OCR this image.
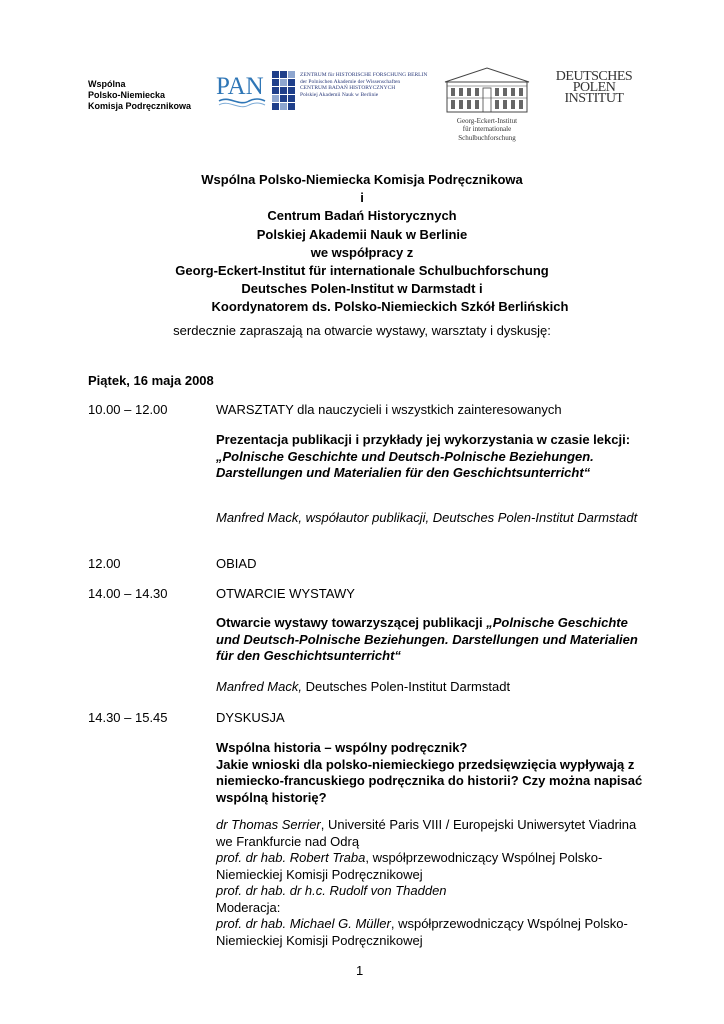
Wspólna
Polsko-Niemiecka
Komisja Podręcznikowa
PAN	ZENTRUM für HISTORISCHE FORSCHUNG BERLIN
der Polnischen Akademie der Wissenschaften
CENTRUM BADAŃ HISTORYCZNYCH
Polskiej Akademii Nauk w Berlinie
Georg-Eckert-Institut
für internationale
Schulbuchforschung
DEUTSCHES
POLEN
INSTITUT
Wspólna Polsko-Niemiecka Komisja Podręcznikowa
i
Centrum Badań Historycznych
Polskiej Akademii Nauk w Berlinie
we współpracy z
Georg-Eckert-Institut für internationale Schulbuchforschung
Deutsches Polen-Institut w Darmstadt i
Koordynatorem ds. Polsko-Niemieckich Szkół Berlińskich
serdecznie zapraszają na otwarcie wystawy, warsztaty i dyskusję:
Piątek, 16 maja 2008
10.00 – 12.00	WARSZTATY dla nauczycieli i wszystkich zainteresowanych
Prezentacja publikacji i przykłady jej wykorzystania w czasie lekcji: „Polnische Geschichte und Deutsch-Polnische Beziehungen. Darstellungen und Materialien für den Geschichtsunterricht“
Manfred Mack, współautor publikacji, Deutsches Polen-Institut Darmstadt
12.00	OBIAD
14.00 – 14.30	OTWARCIE WYSTAWY
Otwarcie wystawy towarzyszącej publikacji „Polnische Geschichte und Deutsch-Polnische Beziehungen. Darstellungen und Materialien für den Geschichtsunterricht“
Manfred Mack, Deutsches Polen-Institut Darmstadt
14.30 – 15.45	DYSKUSJA
Wspólna historia – wspólny podręcznik?
Jakie wnioski dla polsko-niemieckiego przedsięwzięcia wypływają z niemiecko-francuskiego podręcznika do historii? Czy można napisać wspólną historię?
dr Thomas Serrier, Université Paris VIII / Europejski Uniwersytet Viadrina we Frankfurcie nad Odrą
prof. dr hab. Robert Traba, współprzewodniczący Wspólnej Polsko-Niemieckiej Komisji Podręcznikowej
prof. dr hab. dr h.c. Rudolf von Thadden
Moderacja:
prof. dr hab. Michael G. Müller, współprzewodniczący Wspólnej Polsko-Niemieckiej Komisji Podręcznikowej
1
